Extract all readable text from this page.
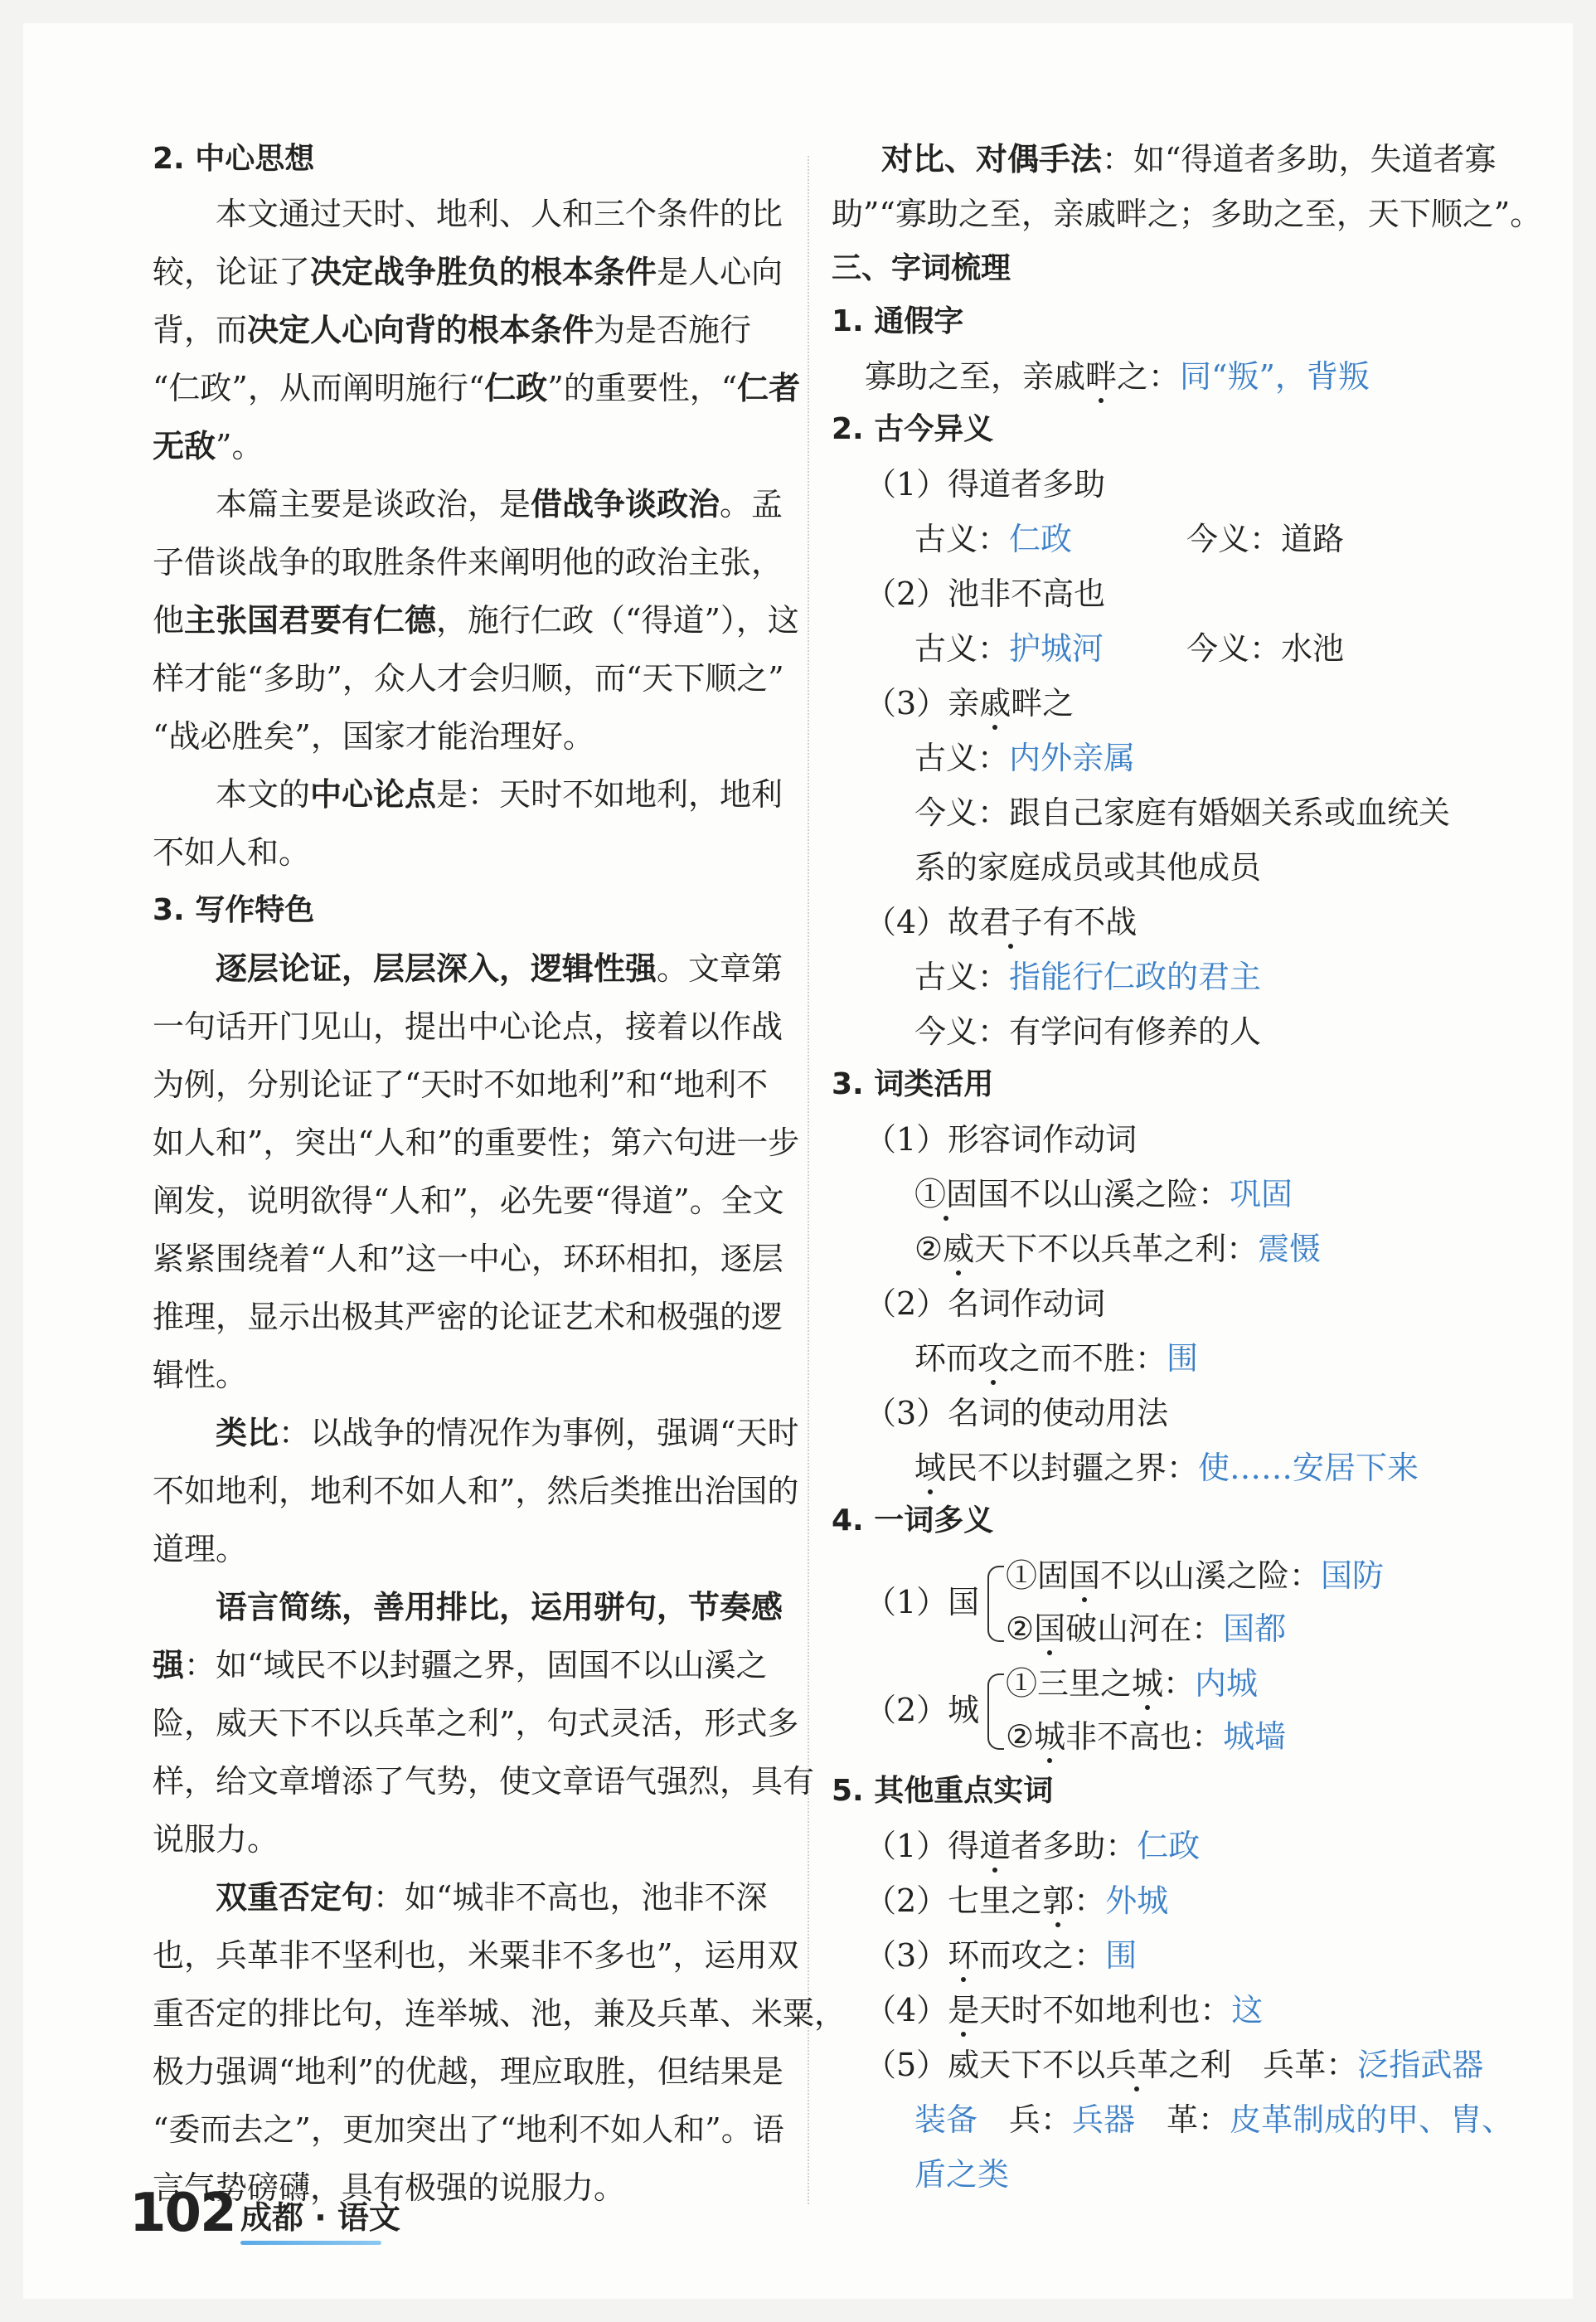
2. 中心思想
本文通过天时、地利、人和三个条件的比
较，论证了决定战争胜负的根本条件是人心向
背，而决定人心向背的根本条件为是否施行
“仁政”，从而阐明施行“仁政”的重要性，“仁者
无敌”。
本篇主要是谈政治，是借战争谈政治。孟
子借谈战争的取胜条件来阐明他的政治主张，
他主张国君要有仁德，施行仁政（“得道”），这
样才能“多助”，众人才会归顺，而“天下顺之”
“战必胜矣”，国家才能治理好。
本文的中心论点是：天时不如地利，地利
不如人和。
3. 写作特色
逐层论证，层层深入，逻辑性强。文章第
一句话开门见山，提出中心论点，接着以作战
为例，分别论证了“天时不如地利”和“地利不
如人和”，突出“人和”的重要性；第六句进一步
阐发，说明欲得“人和”，必先要“得道”。全文
紧紧围绕着“人和”这一中心，环环相扣，逐层
推理，显示出极其严密的论证艺术和极强的逻
辑性。
类比：以战争的情况作为事例，强调“天时
不如地利，地利不如人和”，然后类推出治国的
道理。
语言简练，善用排比，运用骈句，节奏感
强：如“域民不以封疆之界，固国不以山溪之
险，威天下不以兵革之利”，句式灵活，形式多
样，给文章增添了气势，使文章语气强烈，具有
说服力。
双重否定句：如“城非不高也，池非不深
也，兵革非不坚利也，米粟非不多也”，运用双
重否定的排比句，连举城、池，兼及兵革、米粟，
极力强调“地利”的优越，理应取胜，但结果是
“委而去之”，更加突出了“地利不如人和”。语
言气势磅礴，具有极强的说服力。
对比、对偶手法：如“得道者多助，失道者寡
助”“寡助之至，亲戚畔之；多助之至，天下顺之”。
三、字词梳理
1. 通假字
寡助之至，亲戚畔之：同“叛”，背叛
2. 古今异义
（1）得道者多助
古义：仁政	今义：道路
（2）池非不高也
古义：护城河	今义：水池
（3）亲戚畔之
古义：内外亲属
今义：跟自己家庭有婚姻关系或血统关
系的家庭成员或其他成员
（4）故君子有不战
古义：指能行仁政的君主
今义：有学问有修养的人
3. 词类活用
（1）形容词作动词
①固国不以山溪之险：巩固
②威天下不以兵革之利：震慑
（2）名词作动词
环而攻之而不胜：围
（3）名词的使动用法
域民不以封疆之界：使……安居下来
4. 一词多义
（1）国
①固国不以山溪之险：国防
②国破山河在：国都
（2）城
①三里之城：内城
②城非不高也：城墙
5. 其他重点实词
（1）得道者多助：仁政
（2）七里之郭：外城
（3）环而攻之：围
（4）是天时不如地利也：这
（5）威天下不以兵革之利　兵革：泛指武器
装备　兵：兵器　革：皮革制成的甲、胄、
盾之类
102 成都 · 语文
